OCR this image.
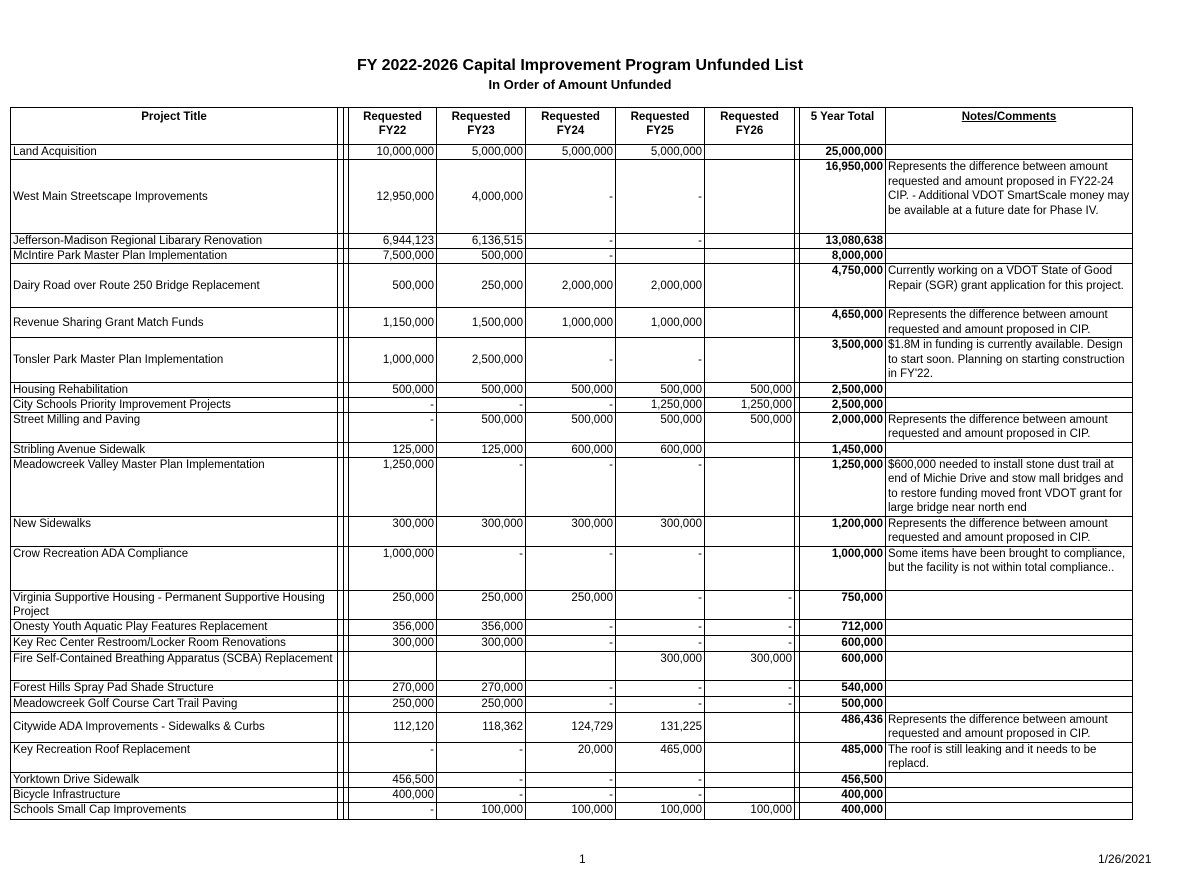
FY 2022-2026 Capital Improvement Program Unfunded List
In Order of Amount Unfunded
Project Title			Requested FY22	Requested FY23	Requested FY24	Requested FY25	Requested FY26		5 Year Total	Notes/Comments
Land Acquisition			10,000,000	5,000,000	5,000,000	5,000,000			25,000,000	
West Main Streetscape Improvements			12,950,000	4,000,000	-	-			16,950,000	Represents the difference between amount requested and amount proposed in FY22-24 CIP. - Additional VDOT SmartScale money may be available at a future date for Phase IV.
Jefferson-Madison Regional Libarary Renovation			6,944,123	6,136,515	-	-			13,080,638	
McIntire Park Master Plan Implementation			7,500,000	500,000	-				8,000,000	
Dairy Road over Route 250 Bridge Replacement			500,000	250,000	2,000,000	2,000,000			4,750,000	Currently working on a VDOT State of Good Repair (SGR) grant application for this project.
Revenue Sharing Grant Match Funds			1,150,000	1,500,000	1,000,000	1,000,000			4,650,000	Represents the difference between amount requested and amount proposed in CIP.
Tonsler Park Master Plan Implementation			1,000,000	2,500,000	-	-			3,500,000	$1.8M in funding is currently available. Design to start soon. Planning on starting construction in FY'22.
Housing Rehabilitation			500,000	500,000	500,000	500,000	500,000		2,500,000	
City Schools Priority Improvement Projects			-	-	-	1,250,000	1,250,000		2,500,000	
Street Milling and Paving			-	500,000	500,000	500,000	500,000		2,000,000	Represents the difference between amount requested and amount proposed in CIP.
Stribling Avenue Sidewalk			125,000	125,000	600,000	600,000			1,450,000	
Meadowcreek Valley Master Plan Implementation			1,250,000	-	-	-			1,250,000	$600,000 needed to install stone dust trail at end of Michie Drive and stow mall bridges and to restore funding moved front VDOT grant for large bridge near north end
New Sidewalks			300,000	300,000	300,000	300,000			1,200,000	Represents the difference between amount requested and amount proposed in CIP.
Crow Recreation ADA Compliance			1,000,000	-	-	-			1,000,000	Some items have been brought to compliance, but the facility is not within total compliance..
Virginia Supportive Housing - Permanent Supportive Housing Project			250,000	250,000	250,000	-	-		750,000	
Onesty Youth Aquatic Play Features Replacement			356,000	356,000	-	-	-		712,000	
Key Rec Center Restroom/Locker Room Renovations			300,000	300,000	-	-	-		600,000	
Fire Self-Contained Breathing Apparatus (SCBA) Replacement						300,000	300,000		600,000	
Forest Hills Spray Pad Shade Structure			270,000	270,000	-	-	-		540,000	
Meadowcreek Golf Course Cart Trail Paving			250,000	250,000	-	-	-		500,000	
Citywide ADA Improvements - Sidewalks & Curbs			112,120	118,362	124,729	131,225			486,436	Represents the difference between amount requested and amount proposed in CIP.
Key Recreation Roof Replacement			-	-	20,000	465,000			485,000	The roof is still leaking and it needs to be replacd.
Yorktown Drive Sidewalk			456,500	-	-	-			456,500	
Bicycle Infrastructure			400,000	-	-	-			400,000	
Schools Small Cap Improvements			-	100,000	100,000	100,000	100,000		400,000	
1	1/26/2021
